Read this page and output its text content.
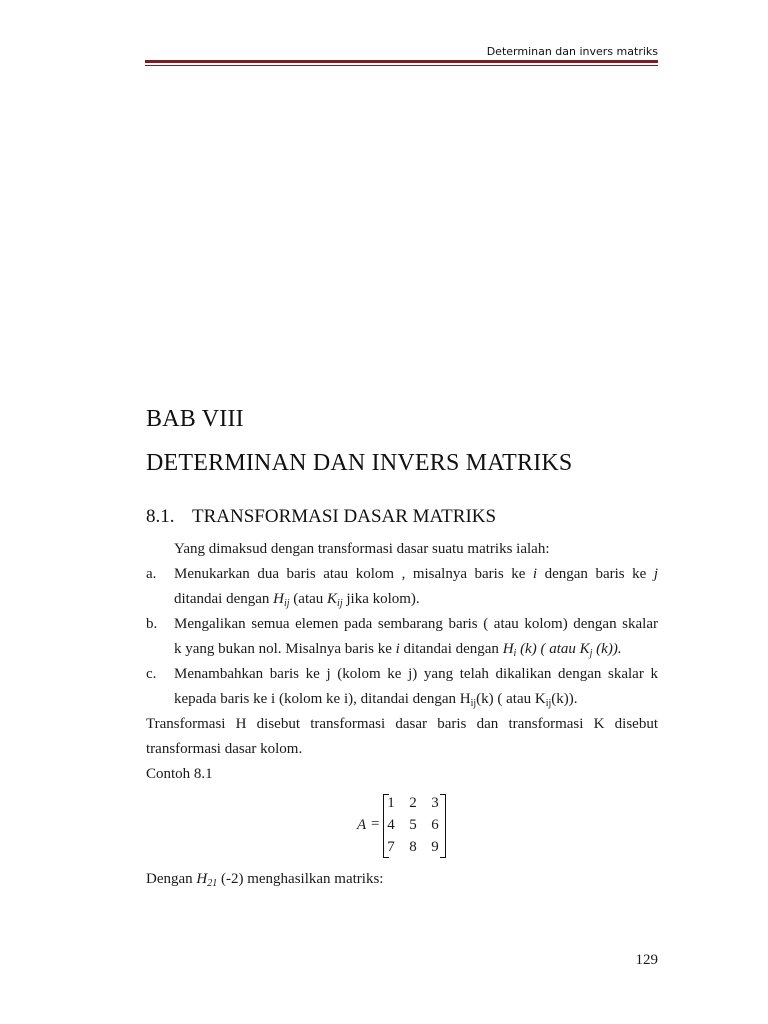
Determinan dan invers matriks
BAB VIII
DETERMINAN DAN INVERS MATRIKS
8.1. TRANSFORMASI DASAR MATRIKS
Yang dimaksud dengan transformasi dasar suatu matriks ialah:
a. Menukarkan dua baris atau kolom , misalnya baris ke i dengan baris ke j
ditandai dengan $H_{ij}$ (atau $K_{ij}$ jika kolom).
b. Mengalikan semua elemen pada sembarang baris ( atau kolom) dengan skalar
k yang bukan nol. Misalnya baris ke i ditandai dengan $H_i$ (k) ( atau $K_j$ (k)).
c. Menambahkan baris ke j (kolom ke j) yang telah dikalikan dengan skalar k
kepada baris ke i (kolom ke i), ditandai dengan $H_{ij}(k)$ ( atau $K_{ij}(k)$).
Transformasi H disebut transformasi dasar baris dan transformasi K disebut
transformasi dasar kolom.
Contoh 8.1
A =
1 2 3
4 5 6
7 8 9
Dengan $H_{21}$ (-2) menghasilkan matriks:
129
